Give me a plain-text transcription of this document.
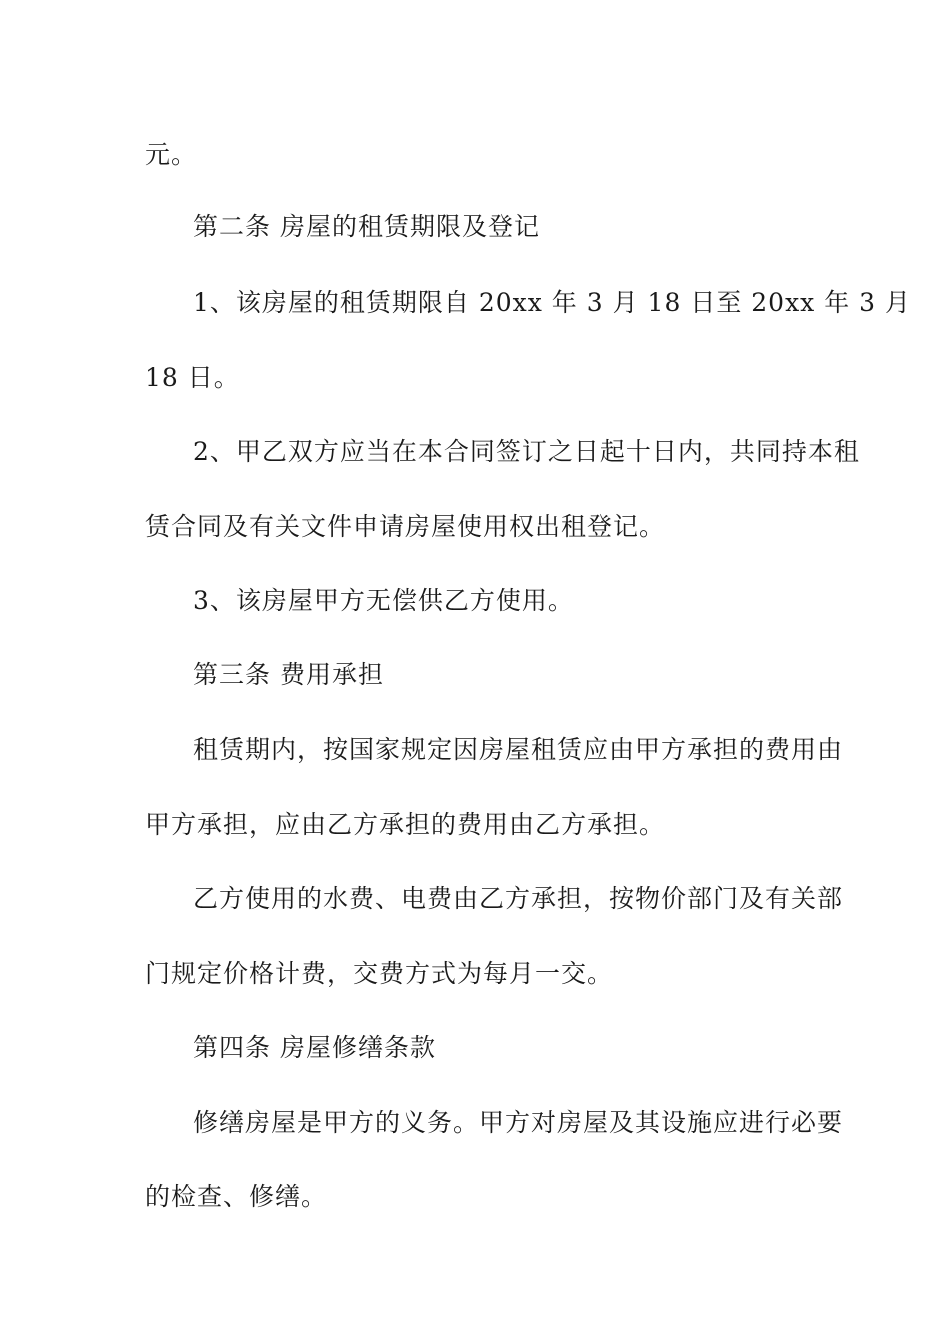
元。
第二条 房屋的租赁期限及登记
1、该房屋的租赁期限自 20xx 年 3 月 18 日至 20xx 年 3 月
18 日。
2、甲乙双方应当在本合同签订之日起十日内，共同持本租
赁合同及有关文件申请房屋使用权出租登记。
3、该房屋甲方无偿供乙方使用。
第三条 费用承担
租赁期内，按国家规定因房屋租赁应由甲方承担的费用由
甲方承担，应由乙方承担的费用由乙方承担。
乙方使用的水费、电费由乙方承担，按物价部门及有关部
门规定价格计费，交费方式为每月一交。
第四条 房屋修缮条款
修缮房屋是甲方的义务。甲方对房屋及其设施应进行必要
的检查、修缮。
